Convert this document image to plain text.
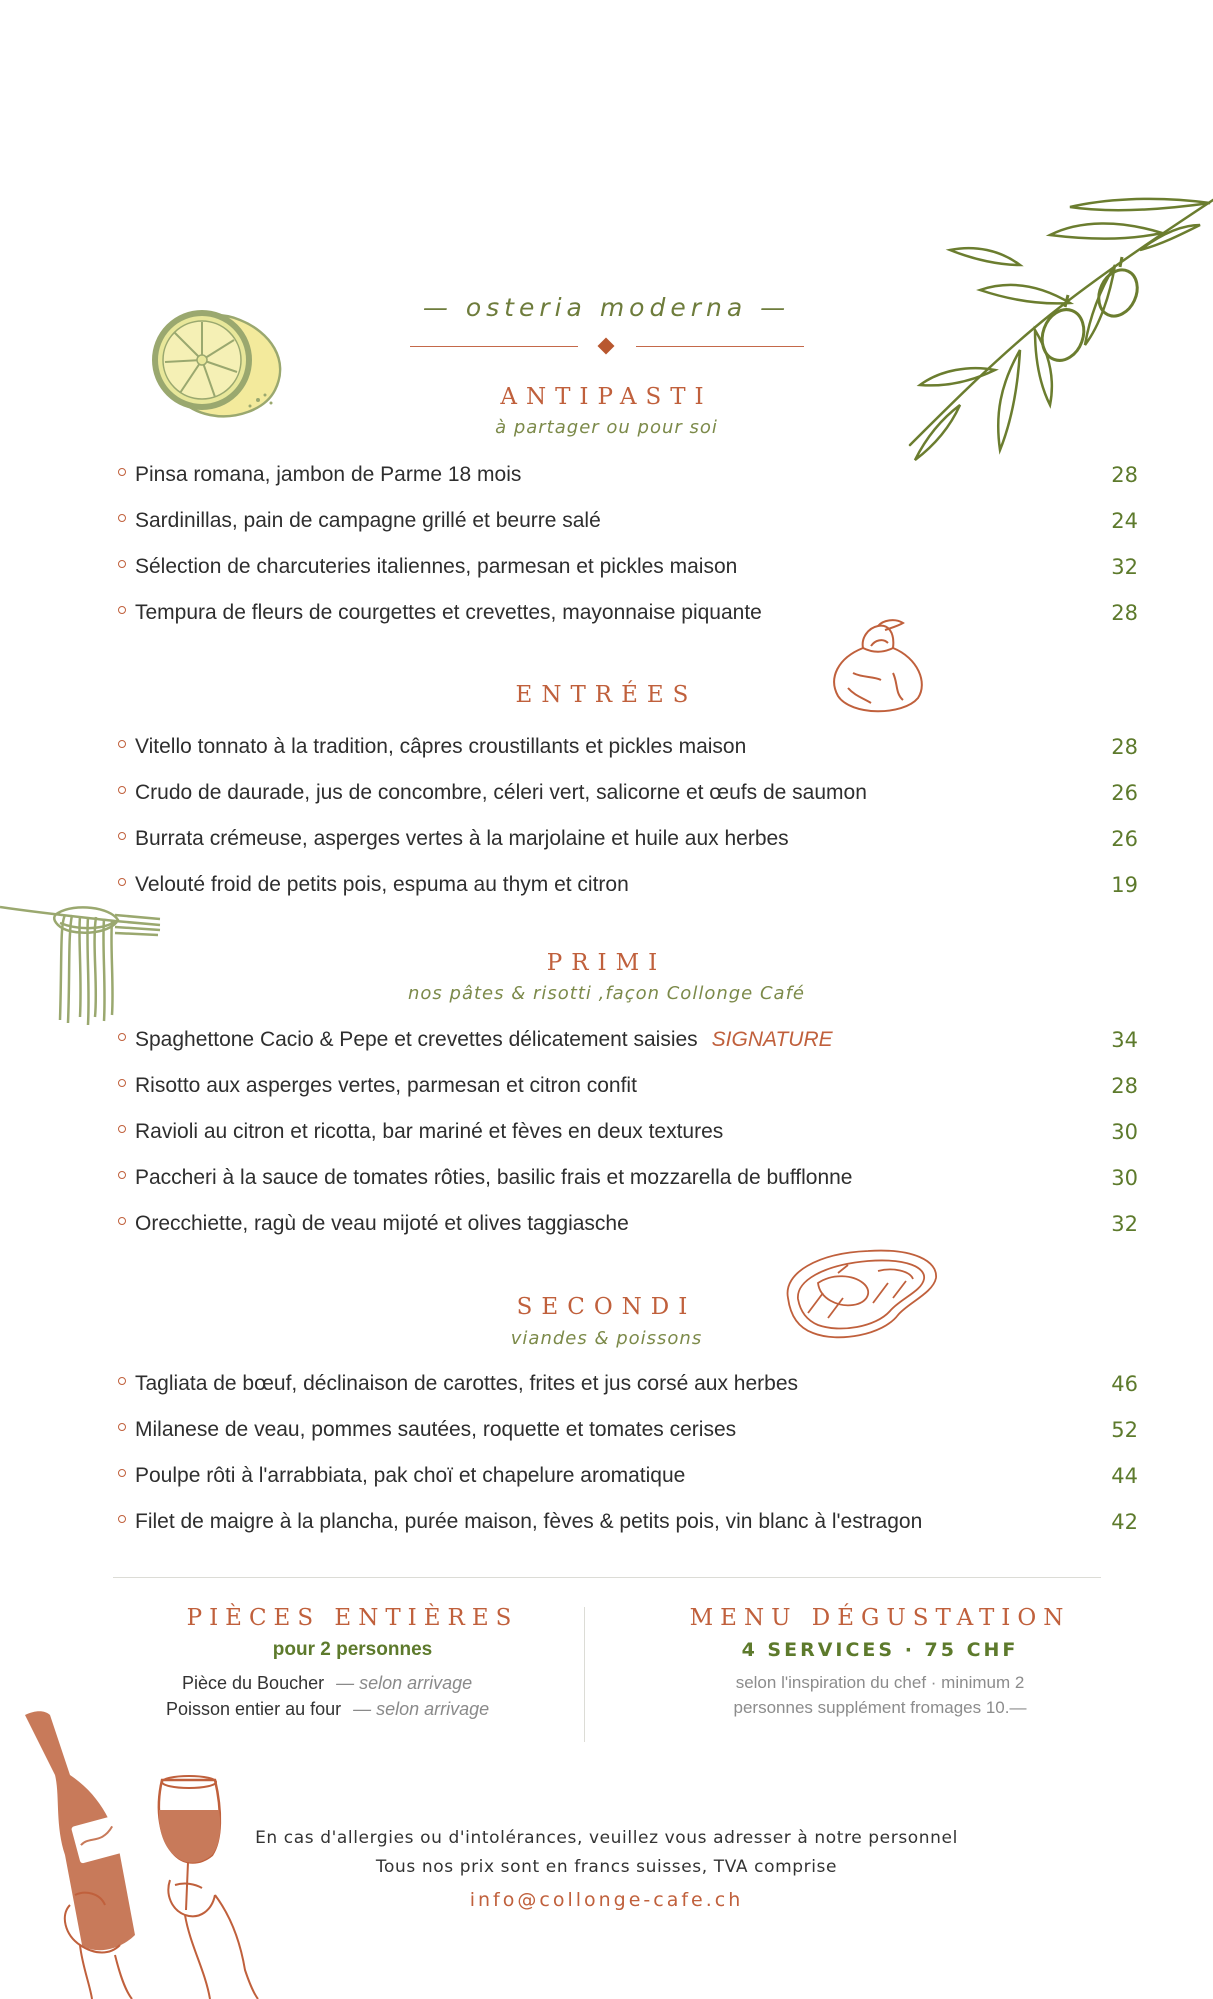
— osteria moderna —
ANTIPASTI
à partager ou pour soi
Pinsa romana, jambon de Parme 18 mois	28
Sardinillas, pain de campagne grillé et beurre salé	24
Sélection de charcuteries italiennes, parmesan et pickles maison	32
Tempura de fleurs de courgettes et crevettes, mayonnaise piquante	28
ENTRÉES
Vitello tonnato à la tradition, câpres croustillants et pickles maison	28
Crudo de daurade, jus de concombre, céleri vert, salicorne et œufs de saumon	26
Burrata crémeuse, asperges vertes à la marjolaine et huile aux herbes	26
Velouté froid de petits pois, espuma au thym et citron	19
PRIMI
nos pâtes & risotti ,façon Collonge Café
Spaghettone Cacio & Pepe et crevettes délicatement saisies SIGNATURE	34
Risotto aux asperges vertes, parmesan et citron confit	28
Ravioli au citron et ricotta, bar mariné et fèves en deux textures	30
Paccheri à la sauce de tomates rôties, basilic frais et mozzarella de bufflonne	30
Orecchiette, ragù de veau mijoté et olives taggiasche	32
SECONDI
viandes & poissons
Tagliata de bœuf, déclinaison de carottes, frites et jus corsé aux herbes	46
Milanese de veau, pommes sautées, roquette et tomates cerises	52
Poulpe rôti à l'arrabbiata, pak choï et chapelure aromatique	44
Filet de maigre à la plancha, purée maison, fèves & petits pois, vin blanc à l'estragon	42
PIÈCES ENTIÈRES
pour 2 personnes
Pièce du Boucher — selon arrivage
Poisson entier au four — selon arrivage
MENU DÉGUSTATION
4 SERVICES · 75 CHF
selon l'inspiration du chef · minimum 2
personnes supplément fromages 10.—
En cas d'allergies ou d'intolérances, veuillez vous adresser à notre personnel
Tous nos prix sont en francs suisses, TVA comprise
info@collonge-cafe.ch
